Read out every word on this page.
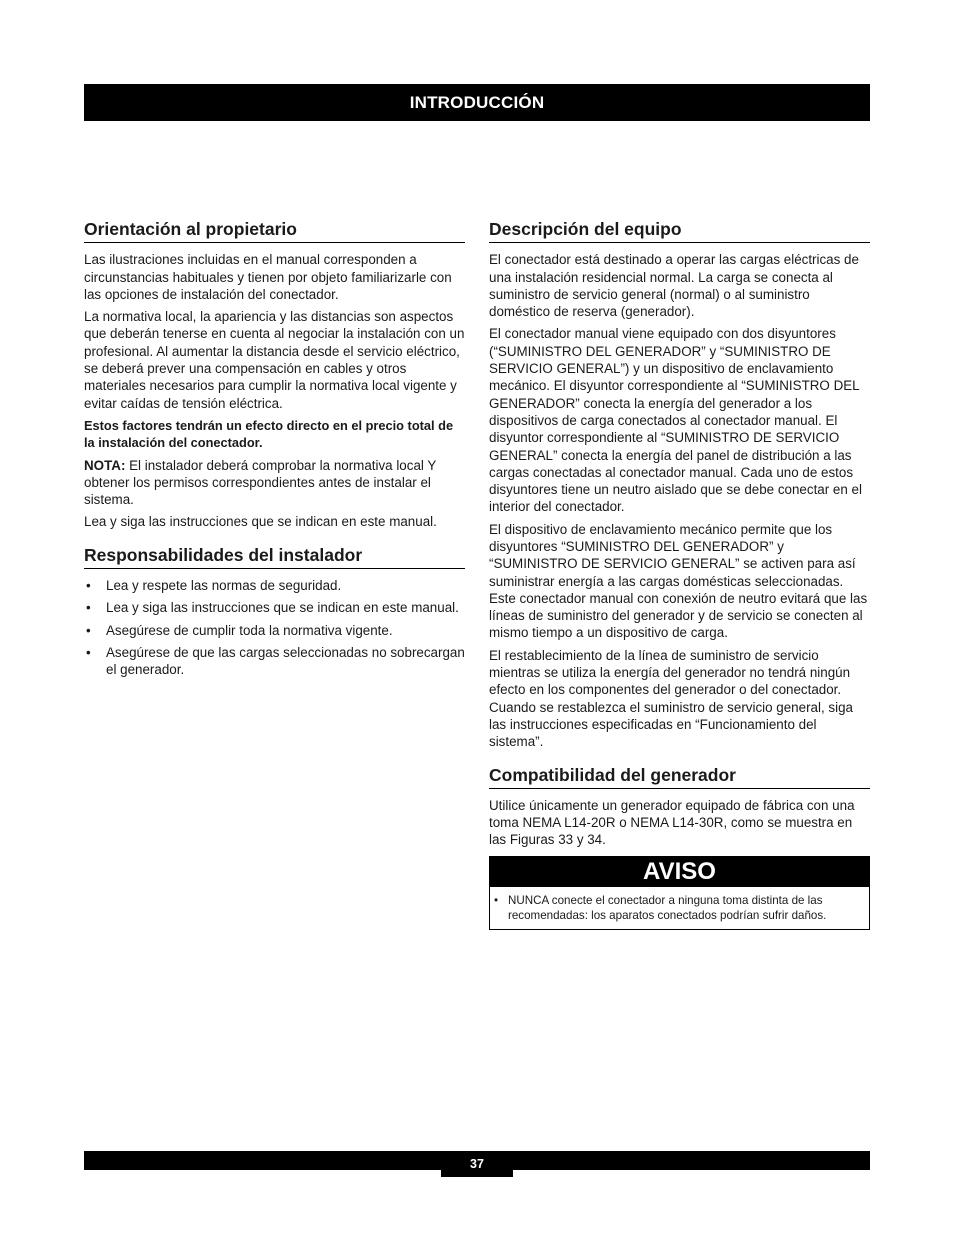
INTRODUCCIÓN
Orientación al propietario

Las ilustraciones incluidas en el manual corresponden a circunstancias habituales y tienen por objeto familiarizarle con las opciones de instalación del conectador.

La normativa local, la apariencia y las distancias son aspectos que deberán tenerse en cuenta al negociar la instalación con un profesional. Al aumentar la distancia desde el servicio eléctrico, se deberá prever una compensación en cables y otros materiales necesarios para cumplir la normativa local vigente y evitar caídas de tensión eléctrica.

Estos factores tendrán un efecto directo en el precio total de la instalación del conectador.

NOTA: El instalador deberá comprobar la normativa local Y obtener los permisos correspondientes antes de instalar el sistema.

Lea y siga las instrucciones que se indican en este manual.

Responsabilidades del instalador
• Lea y respete las normas de seguridad.
• Lea y siga las instrucciones que se indican en este manual.
• Asegúrese de cumplir toda la normativa vigente.
• Asegúrese de que las cargas seleccionadas no sobrecargan el generador.
Descripción del equipo

El conectador está destinado a operar las cargas eléctricas de una instalación residencial normal. La carga se conecta al suministro de servicio general (normal) o al suministro doméstico de reserva (generador).

El conectador manual viene equipado con dos disyuntores (“SUMINISTRO DEL GENERADOR” y “SUMINISTRO DE SERVICIO GENERAL”) y un dispositivo de enclavamiento mecánico. El disyuntor correspondiente al “SUMINISTRO DEL GENERADOR” conecta la energía del generador a los dispositivos de carga conectados al conectador manual. El disyuntor correspondiente al “SUMINISTRO DE SERVICIO GENERAL” conecta la energía del panel de distribución a las cargas conectadas al conectador manual. Cada uno de estos disyuntores tiene un neutro aislado que se debe conectar en el interior del conectador.

El dispositivo de enclavamiento mecánico permite que los disyuntores “SUMINISTRO DEL GENERADOR” y “SUMINISTRO DE SERVICIO GENERAL” se activen para así suministrar energía a las cargas domésticas seleccionadas. Este conectador manual con conexión de neutro evitará que las líneas de suministro del generador y de servicio se conecten al mismo tiempo a un dispositivo de carga.

El restablecimiento de la línea de suministro de servicio mientras se utiliza la energía del generador no tendrá ningún efecto en los componentes del generador o del conectador. Cuando se restablezca el suministro de servicio general, siga las instrucciones especificadas en “Funcionamiento del sistema”.

Compatibilidad del generador

Utilice únicamente un generador equipado de fábrica con una toma NEMA L14-20R o NEMA L14-30R, como se muestra en las Figuras 33 y 34.

AVISO
• NUNCA conecte el conectador a ninguna toma distinta de las recomendadas: los aparatos conectados podrían sufrir daños.
37
